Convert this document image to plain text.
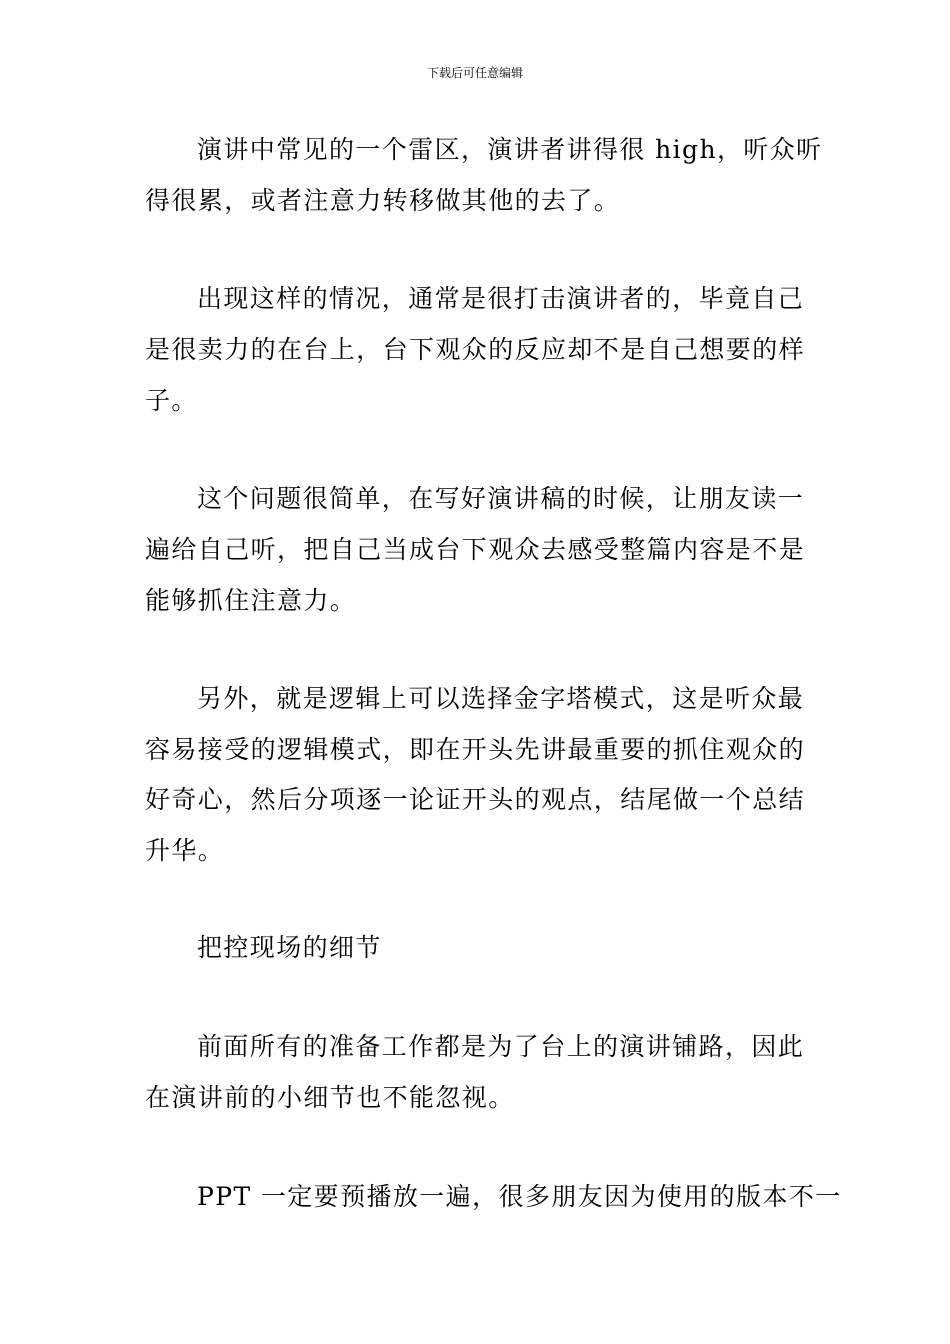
下载后可任意编辑
演讲中常见的一个雷区，演讲者讲得很 high，听众听
得很累，或者注意力转移做其他的去了。
出现这样的情况，通常是很打击演讲者的，毕竟自己
是很卖力的在台上，台下观众的反应却不是自己想要的样
子。
这个问题很简单，在写好演讲稿的时候，让朋友读一
遍给自己听，把自己当成台下观众去感受整篇内容是不是
能够抓住注意力。
另外，就是逻辑上可以选择金字塔模式，这是听众最
容易接受的逻辑模式，即在开头先讲最重要的抓住观众的
好奇心，然后分项逐一论证开头的观点，结尾做一个总结
升华。
把控现场的细节
前面所有的准备工作都是为了台上的演讲铺路，因此
在演讲前的小细节也不能忽视。
PPT 一定要预播放一遍，很多朋友因为使用的版本不一
